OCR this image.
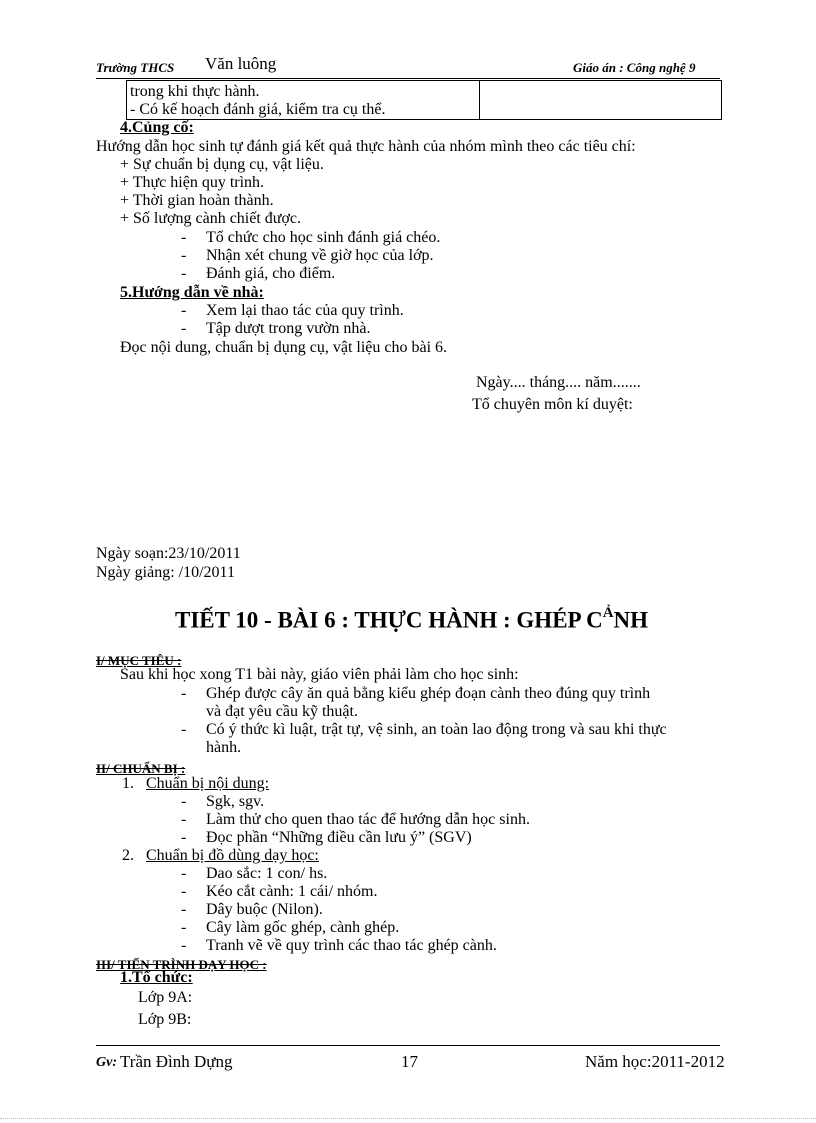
Trường THCS Văn luông	Giáo án : Công nghệ 9
trong khi thực hành.
- Có kế hoạch đánh giá, kiểm tra cụ thể.
4.Củng cố:
Hướng dẫn học sinh tự đánh giá kết quả thực hành của nhóm mình theo các tiêu chí:
+ Sự chuẩn bị dụng cụ, vật liệu.
+ Thực hiện quy trình.
+ Thời gian hoàn thành.
+ Số lượng cành chiết được.
- Tổ chức cho học sinh đánh giá chéo.
- Nhận xét chung về giờ học của lớp.
- Đánh giá, cho điểm.
5.Hướng dẫn về nhà:
- Xem lại thao tác của quy trình.
- Tập dượt trong vườn nhà.
Đọc nội dung, chuẩn bị dụng cụ, vật liệu cho bài 6.
Ngày.... tháng.... năm.......
Tổ chuyên môn kí duyệt:
Ngày soạn:23/10/2011
Ngày giảng: /10/2011
TIẾT 10 - BÀI 6 : THỰC HÀNH : GHÉP $C^ẢNH$
I/ MỤC TIÊU :
Sau khi học xong T1 bài này, giáo viên phải làm cho học sinh:
- Ghép được cây ăn quả bằng kiểu ghép đoạn cành theo đúng quy trình
và đạt yêu cầu kỹ thuật.
- Có ý thức kì luật, trật tự, vệ sinh, an toàn lao động trong và sau khi thực
hành.
II/ CHUẨN BỊ :
1. Chuẩn bị nội dung:
- Sgk, sgv.
- Làm thử cho quen thao tác để hướng dẫn học sinh.
- Đọc phần “Những điều cần lưu ý” (SGV)
2. Chuẩn bị đồ dùng dạy học:
- Dao sắc: 1 con/ hs.
- Kéo cắt cành: 1 cái/ nhóm.
- Dây buộc (Nilon).
- Cây làm gốc ghép, cành ghép.
- Tranh vẽ về quy trình các thao tác ghép cành.
III/ TIẾN TRÌNH DẠY HỌC :
1.Tổ chức:
Lớp 9A:
Lớp 9B:
Gv: Trần Đình Dựng	17	Năm học:2011-2012
